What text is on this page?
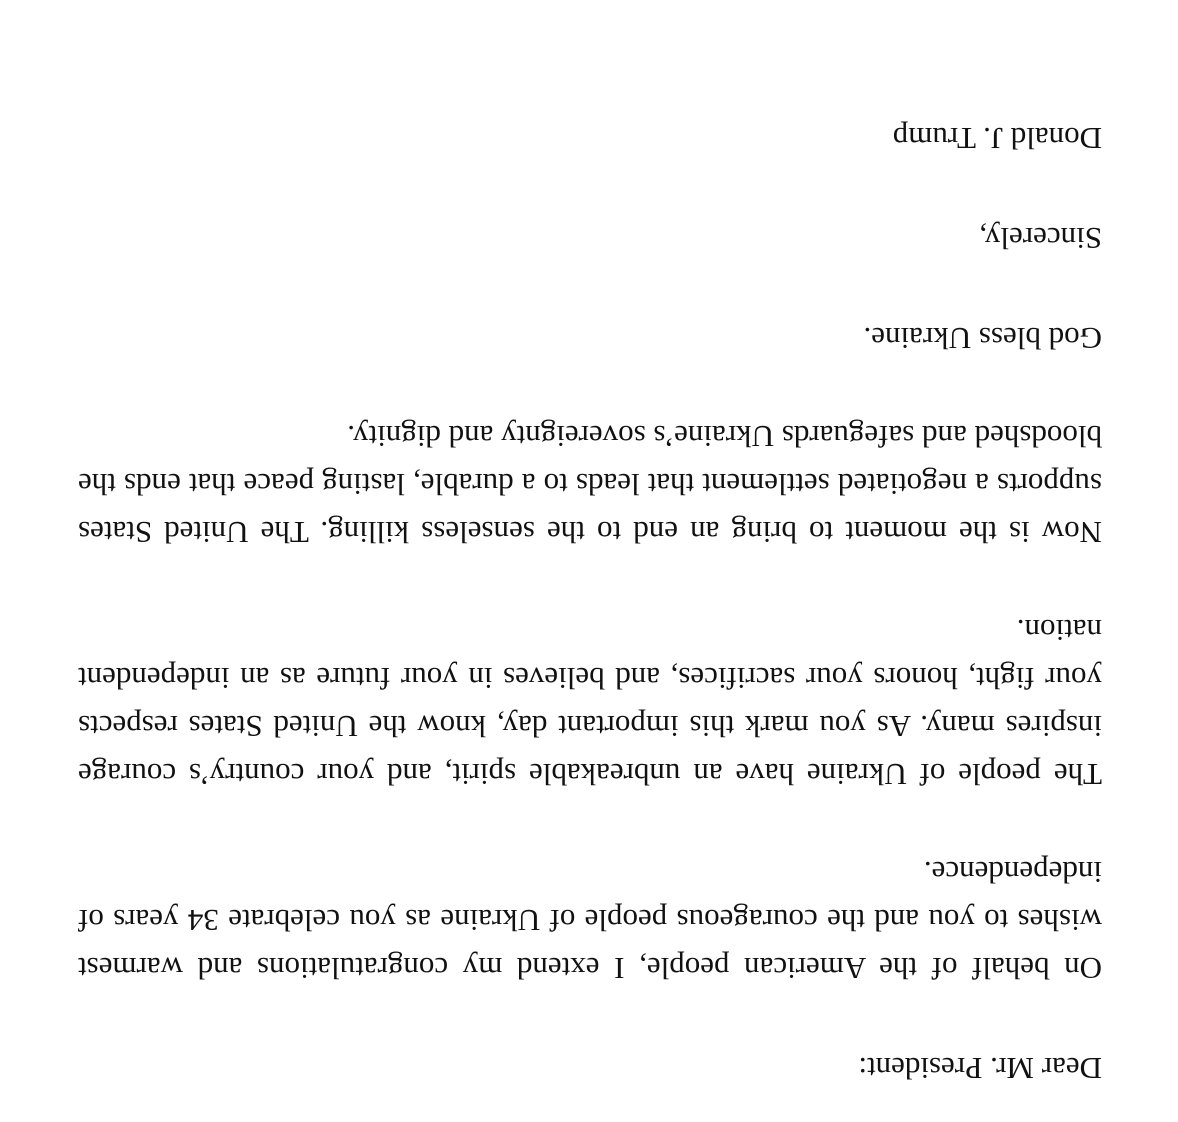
Dear Mr. President:

On behalf of the American people, I extend my congratulations and warmest wishes to you and the courageous people of Ukraine as you celebrate 34 years of independence.

The people of Ukraine have an unbreakable spirit, and your country’s courage inspires many. As you mark this important day, know the United States respects your fight, honors your sacrifices, and believes in your future as an independent nation.

Now is the moment to bring an end to the senseless killing. The United States supports a negotiated settlement that leads to a durable, lasting peace that ends the bloodshed and safeguards Ukraine’s sovereignty and dignity.

God bless Ukraine.

Sincerely,

Donald J. Trump
